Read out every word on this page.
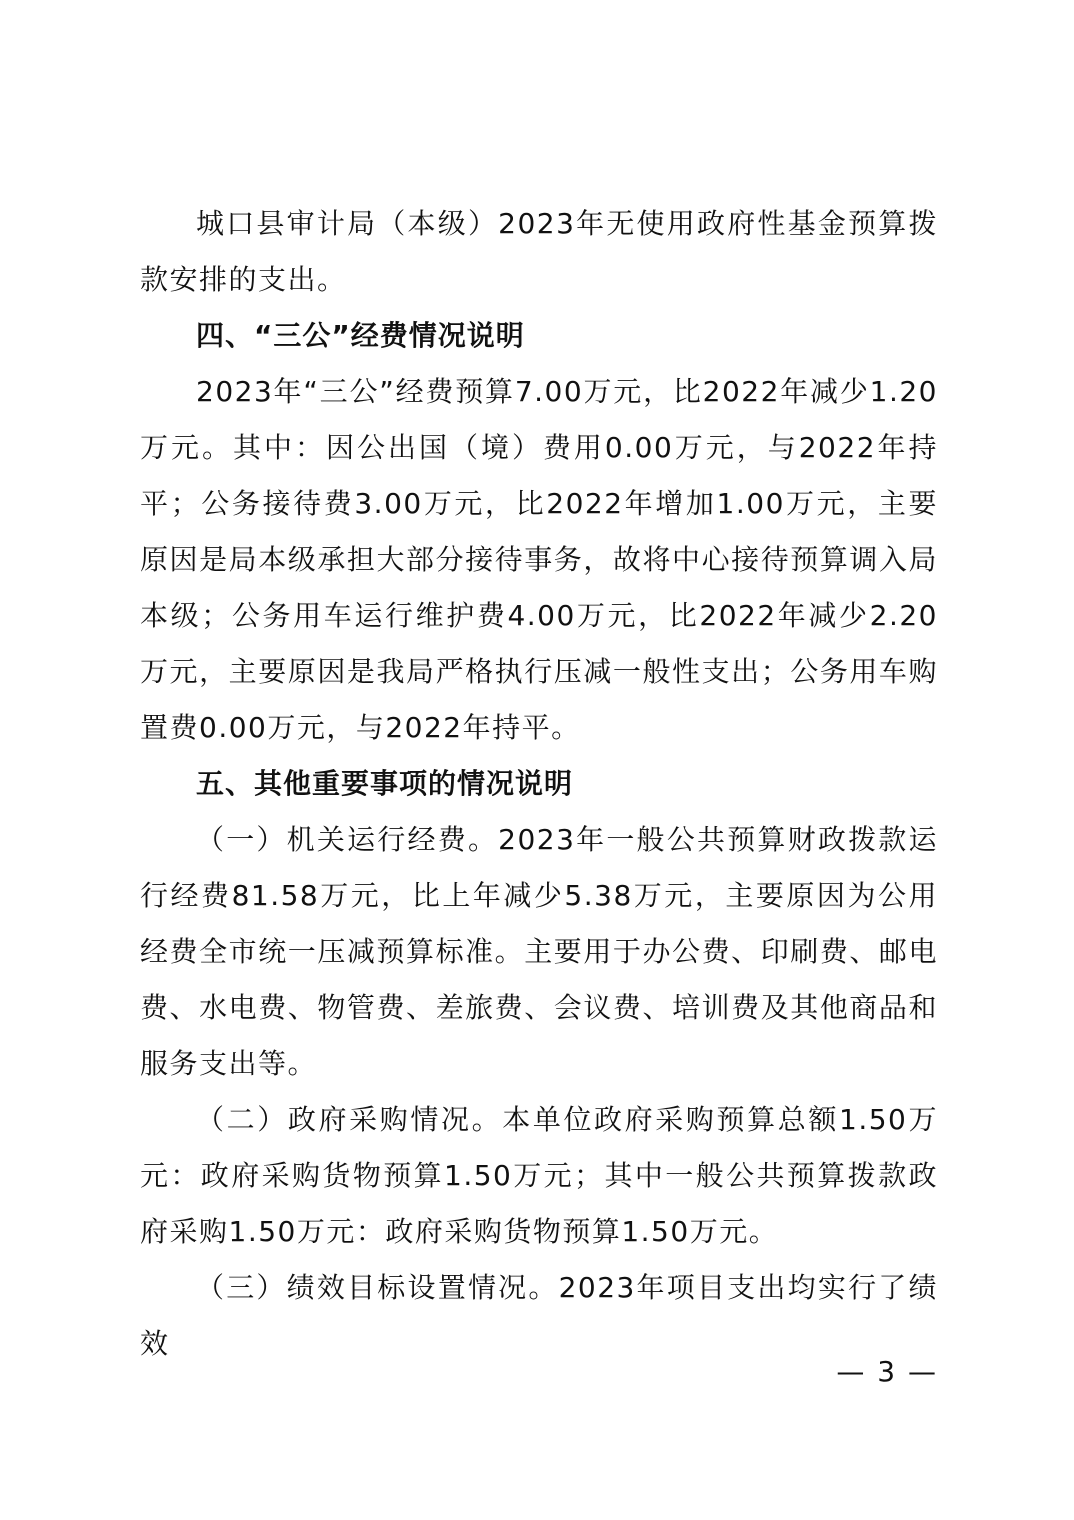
城口县审计局（本级）2023年无使用政府性基金预算拨款安排的支出。

四、“三公”经费情况说明

2023年“三公”经费预算7.00万元，比2022年减少1.20万元。其中：因公出国（境）费用0.00万元，与2022年持平；公务接待费3.00万元，比2022年增加1.00万元，主要原因是局本级承担大部分接待事务，故将中心接待预算调入局本级；公务用车运行维护费4.00万元，比2022年减少2.20万元，主要原因是我局严格执行压减一般性支出；公务用车购置费0.00万元，与2022年持平。

五、其他重要事项的情况说明

（一）机关运行经费。2023年一般公共预算财政拨款运行经费81.58万元，比上年减少5.38万元，主要原因为公用经费全市统一压减预算标准。主要用于办公费、印刷费、邮电费、水电费、物管费、差旅费、会议费、培训费及其他商品和服务支出等。

（二）政府采购情况。本单位政府采购预算总额1.50万元：政府采购货物预算1.50万元；其中一般公共预算拨款政府采购1.50万元：政府采购货物预算1.50万元。

（三）绩效目标设置情况。2023年项目支出均实行了绩效

— 3 —
